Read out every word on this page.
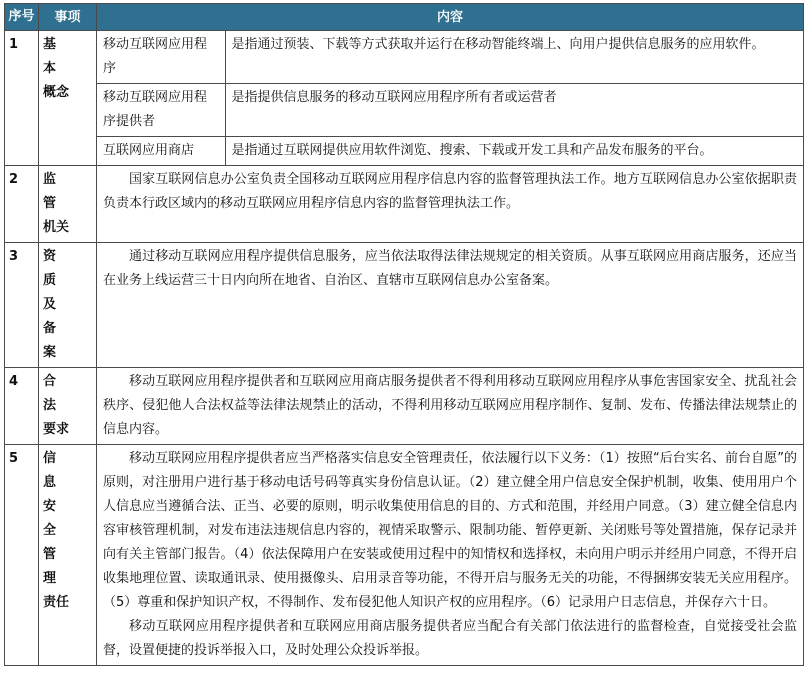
序号	事项	内容
1	基本
概念

移动互联网应用程序	是指通过预装、下载等方式获取并运行在移动智能终端上、向用户提供信息服务的应用软件。
移动互联网应用程序提供者	是指提供信息服务的移动互联网应用程序所有者或运营者
互联网应用商店	是指通过互联网提供应用软件浏览、搜索、下载或开发工具和产品发布服务的平台。

2	监管
机关

国家互联网信息办公室负责全国移动互联网应用程序信息内容的监督管理执法工作。地方互联网信息办公室依据职责负责本行政区域内的移动互联网应用程序信息内容的监督管理执法工作。

3	资质
及备
案

通过移动互联网应用程序提供信息服务，应当依法取得法律法规规定的相关资质。从事互联网应用商店服务，还应当在业务上线运营三十日内向所在地省、自治区、直辖市互联网信息办公室备案。

4	合法
要求

移动互联网应用程序提供者和互联网应用商店服务提供者不得利用移动互联网应用程序从事危害国家安全、扰乱社会秩序、侵犯他人合法权益等法律法规禁止的活动，不得利用移动互联网应用程序制作、复制、发布、传播法律法规禁止的信息内容。

5	信息
安全
管理
责任

移动互联网应用程序提供者应当严格落实信息安全管理责任，依法履行以下义务：（1）按照“后台实名、前台自愿”的原则，对注册用户进行基于移动电话号码等真实身份信息认证。（2）建立健全用户信息安全保护机制，收集、使用用户个人信息应当遵循合法、正当、必要的原则，明示收集使用信息的目的、方式和范围，并经用户同意。（3）建立健全信息内容审核管理机制，对发布违法违规信息内容的，视情采取警示、限制功能、暂停更新、关闭账号等处置措施，保存记录并向有关主管部门报告。（4）依法保障用户在安装或使用过程中的知情权和选择权，未向用户明示并经用户同意，不得开启收集地理位置、读取通讯录、使用摄像头、启用录音等功能，不得开启与服务无关的功能，不得捆绑安装无关应用程序。（5）尊重和保护知识产权，不得制作、发布侵犯他人知识产权的应用程序。（6）记录用户日志信息，并保存六十日。

移动互联网应用程序提供者和互联网应用商店服务提供者应当配合有关部门依法进行的监督检查，自觉接受社会监督，设置便捷的投诉举报入口，及时处理公众投诉举报。
